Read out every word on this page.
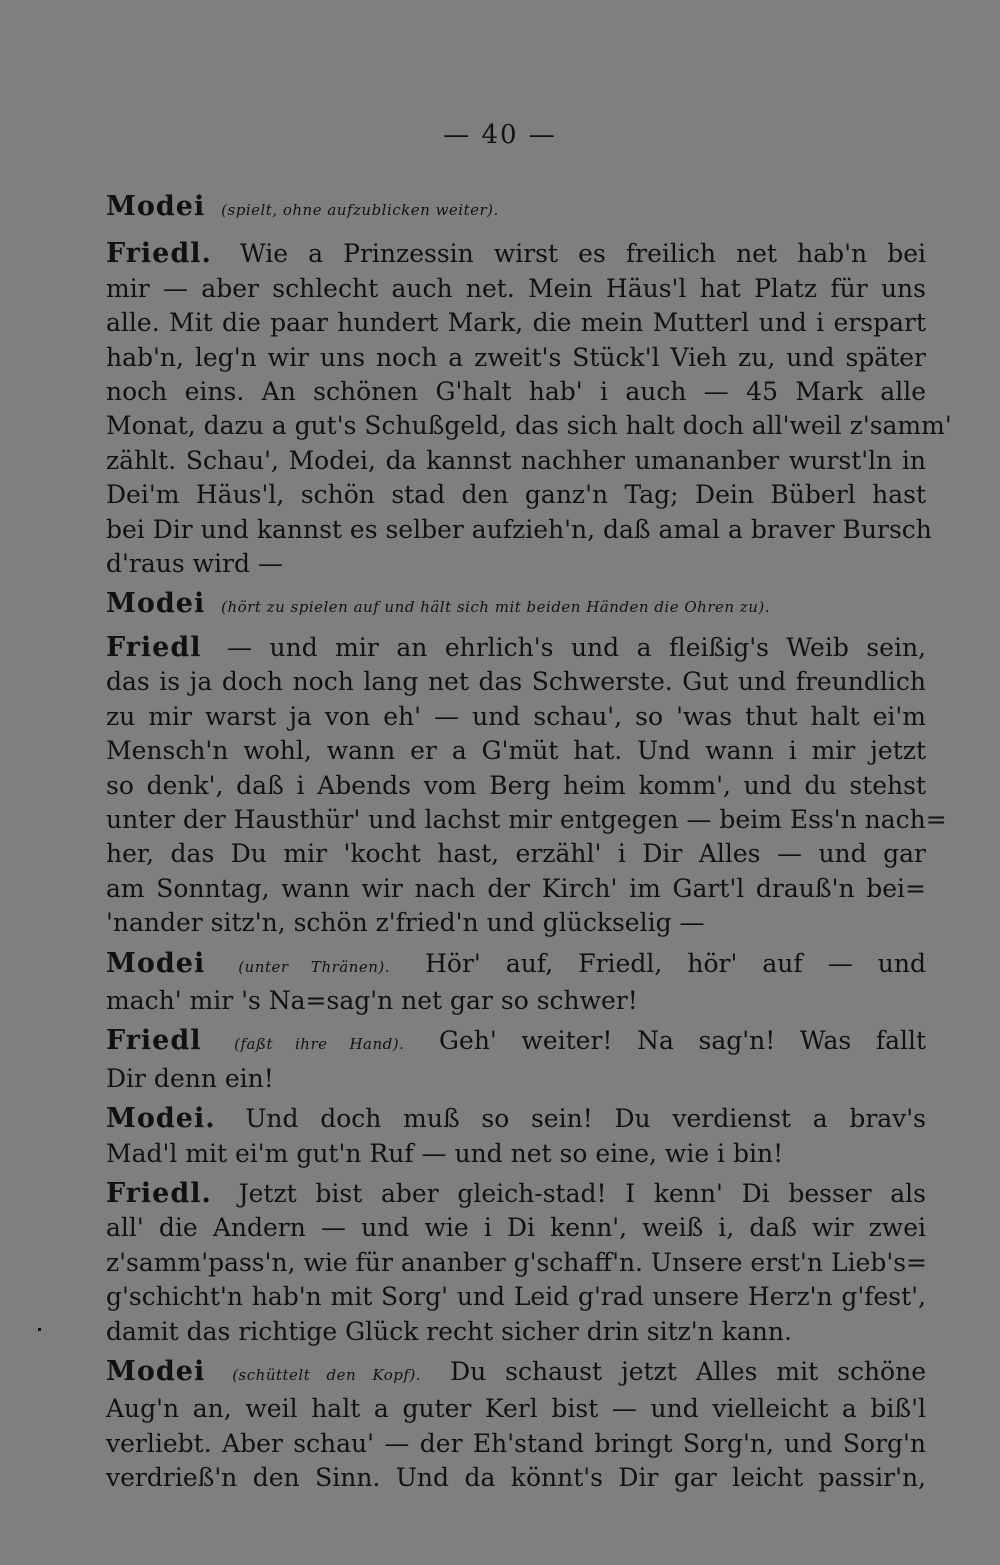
— 40 —
Modei (spielt, ohne aufzublicken weiter).
Friedl. Wie a Prinzessin wirst es freilich net hab'n bei
mir — aber schlecht auch net. Mein Häus'l hat Platz für uns
alle. Mit die paar hundert Mark, die mein Mutterl und i erspart
hab'n, leg'n wir uns noch a zweit's Stück'l Vieh zu, und später
noch eins. An schönen G'halt hab' i auch — 45 Mark alle
Monat, dazu a gut's Schußgeld, das sich halt doch all'weil z'samm'
zählt. Schau', Modei, da kannst nachher umananber wurst'ln in
Dei'm Häus'l, schön stad den ganz'n Tag; Dein Büberl hast
bei Dir und kannst es selber aufzieh'n, daß amal a braver Bursch
d'raus wird —
Modei (hört zu spielen auf und hält sich mit beiden Händen die Ohren zu).
Friedl — und mir an ehrlich's und a fleißig's Weib sein,
das is ja doch noch lang net das Schwerste. Gut und freundlich
zu mir warst ja von eh' — und schau', so 'was thut halt ei'm
Mensch'n wohl, wann er a G'müt hat. Und wann i mir jetzt
so denk', daß i Abends vom Berg heim komm', und du stehst
unter der Hausthür' und lachst mir entgegen — beim Ess'n nach=
her, das Du mir 'kocht hast, erzähl' i Dir Alles — und gar
am Sonntag, wann wir nach der Kirch' im Gart'l drauß'n bei=
'nander sitz'n, schön z'fried'n und glückselig —
Modei (unter Thränen). Hör' auf, Friedl, hör' auf — und
mach' mir 's Na=sag'n net gar so schwer!
Friedl (faßt ihre Hand). Geh' weiter! Na sag'n! Was fallt
Dir denn ein!
Modei. Und doch muß so sein! Du verdienst a brav's
Mad'l mit ei'm gut'n Ruf — und net so eine, wie i bin!
Friedl. Jetzt bist aber gleich-stad! I kenn' Di besser als
all' die Andern — und wie i Di kenn', weiß i, daß wir zwei
z'samm'pass'n, wie für ananber g'schaff'n. Unsere erst'n Lieb's=
g'schicht'n hab'n mit Sorg' und Leid g'rad unsere Herz'n g'fest',
damit das richtige Glück recht sicher drin sitz'n kann.
Modei (schüttelt den Kopf). Du schaust jetzt Alles mit schöne
Aug'n an, weil halt a guter Kerl bist — und vielleicht a biß'l
verliebt. Aber schau' — der Eh'stand bringt Sorg'n, und Sorg'n
verdrieß'n den Sinn. Und da könnt's Dir gar leicht passir'n,
